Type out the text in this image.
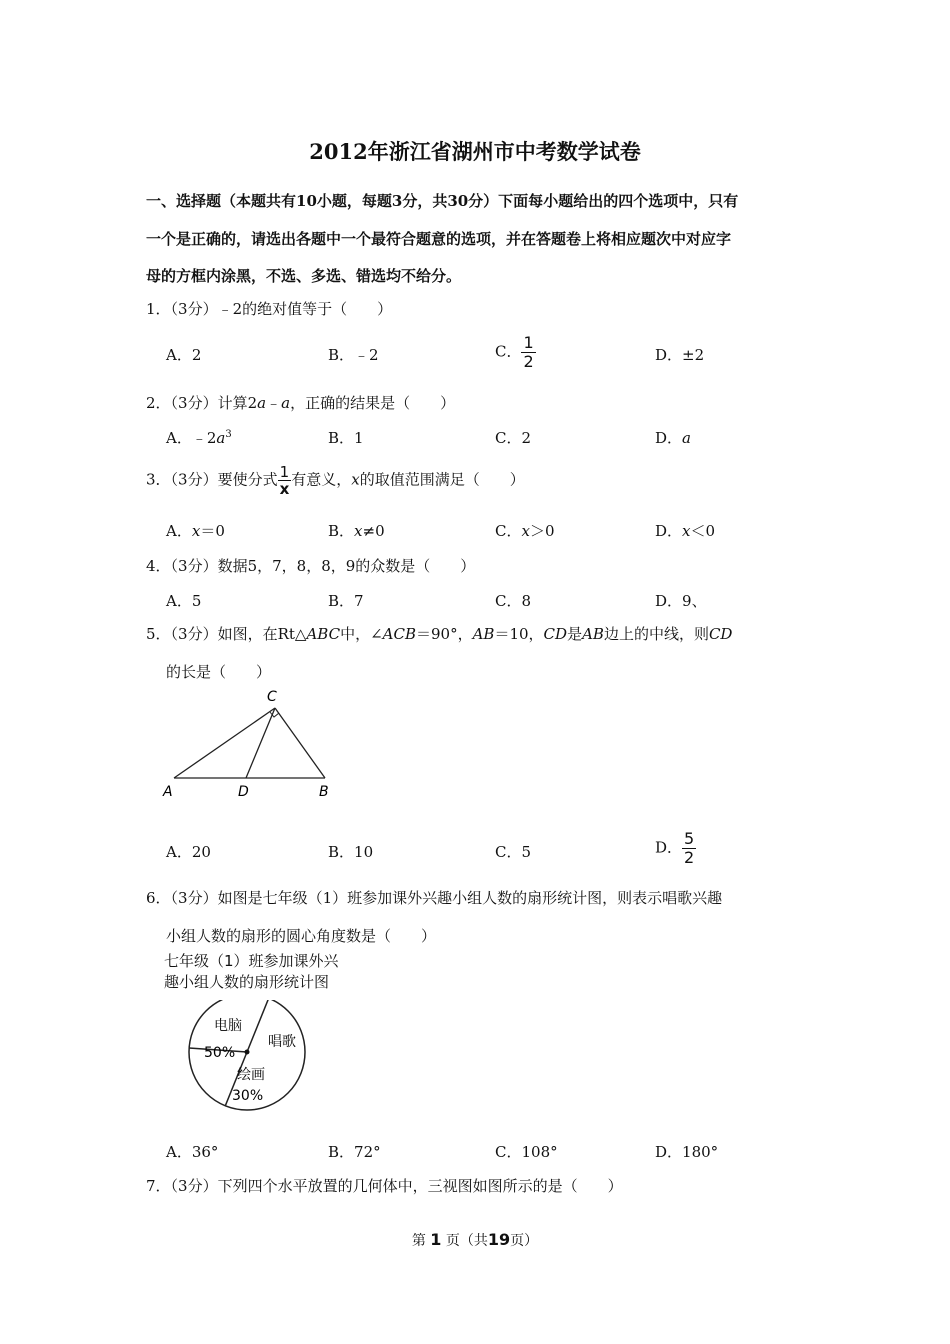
2012年浙江省湖州市中考数学试卷
一、选择题（本题共有10小题，每题3分，共30分）下面每小题给出的四个选项中，只有
一个是正确的，请选出各题中一个最符合题意的选项，并在答题卷上将相应题次中对应字
母的方框内涂黑，不选、多选、错选均不给分。
1．（3分）﹣2的绝对值等于（　　）
A．2	B．﹣2	C． $\frac{1}{2}$	D．±2
2．（3分）计算2a﹣a，正确的结果是（　　）
A．$﹣2a^3$	B．1	C．2	D．a
3．（3分）要使分式 $\frac{1}{x}$ 有意义，x的取值范围满足（　　）
A．x＝0	B．x≠0	C．x＞0	D．x＜0
4．（3分）数据5，7，8，8，9的众数是（　　）
A．5	B．7	C．8	D．9、
5．（3分）如图，在Rt△ABC中，∠ACB＝90°，AB＝10，CD是AB边上的中线，则CD
的长是（　　）
C
A	D	B
A．20	B．10	C．5	D． $\frac{5}{2}$
6．（3分）如图是七年级（1）班参加课外兴趣小组人数的扇形统计图，则表示唱歌兴趣
小组人数的扇形的圆心角度数是（　　）
七年级（1）班参加课外兴
趣小组人数的扇形统计图
电脑
50%
唱歌
绘画
30%
A．36°	B．72°	C．108°	D．180°
7．（3分）下列四个水平放置的几何体中，三视图如图所示的是（　　）
第 1 页（共19页）
